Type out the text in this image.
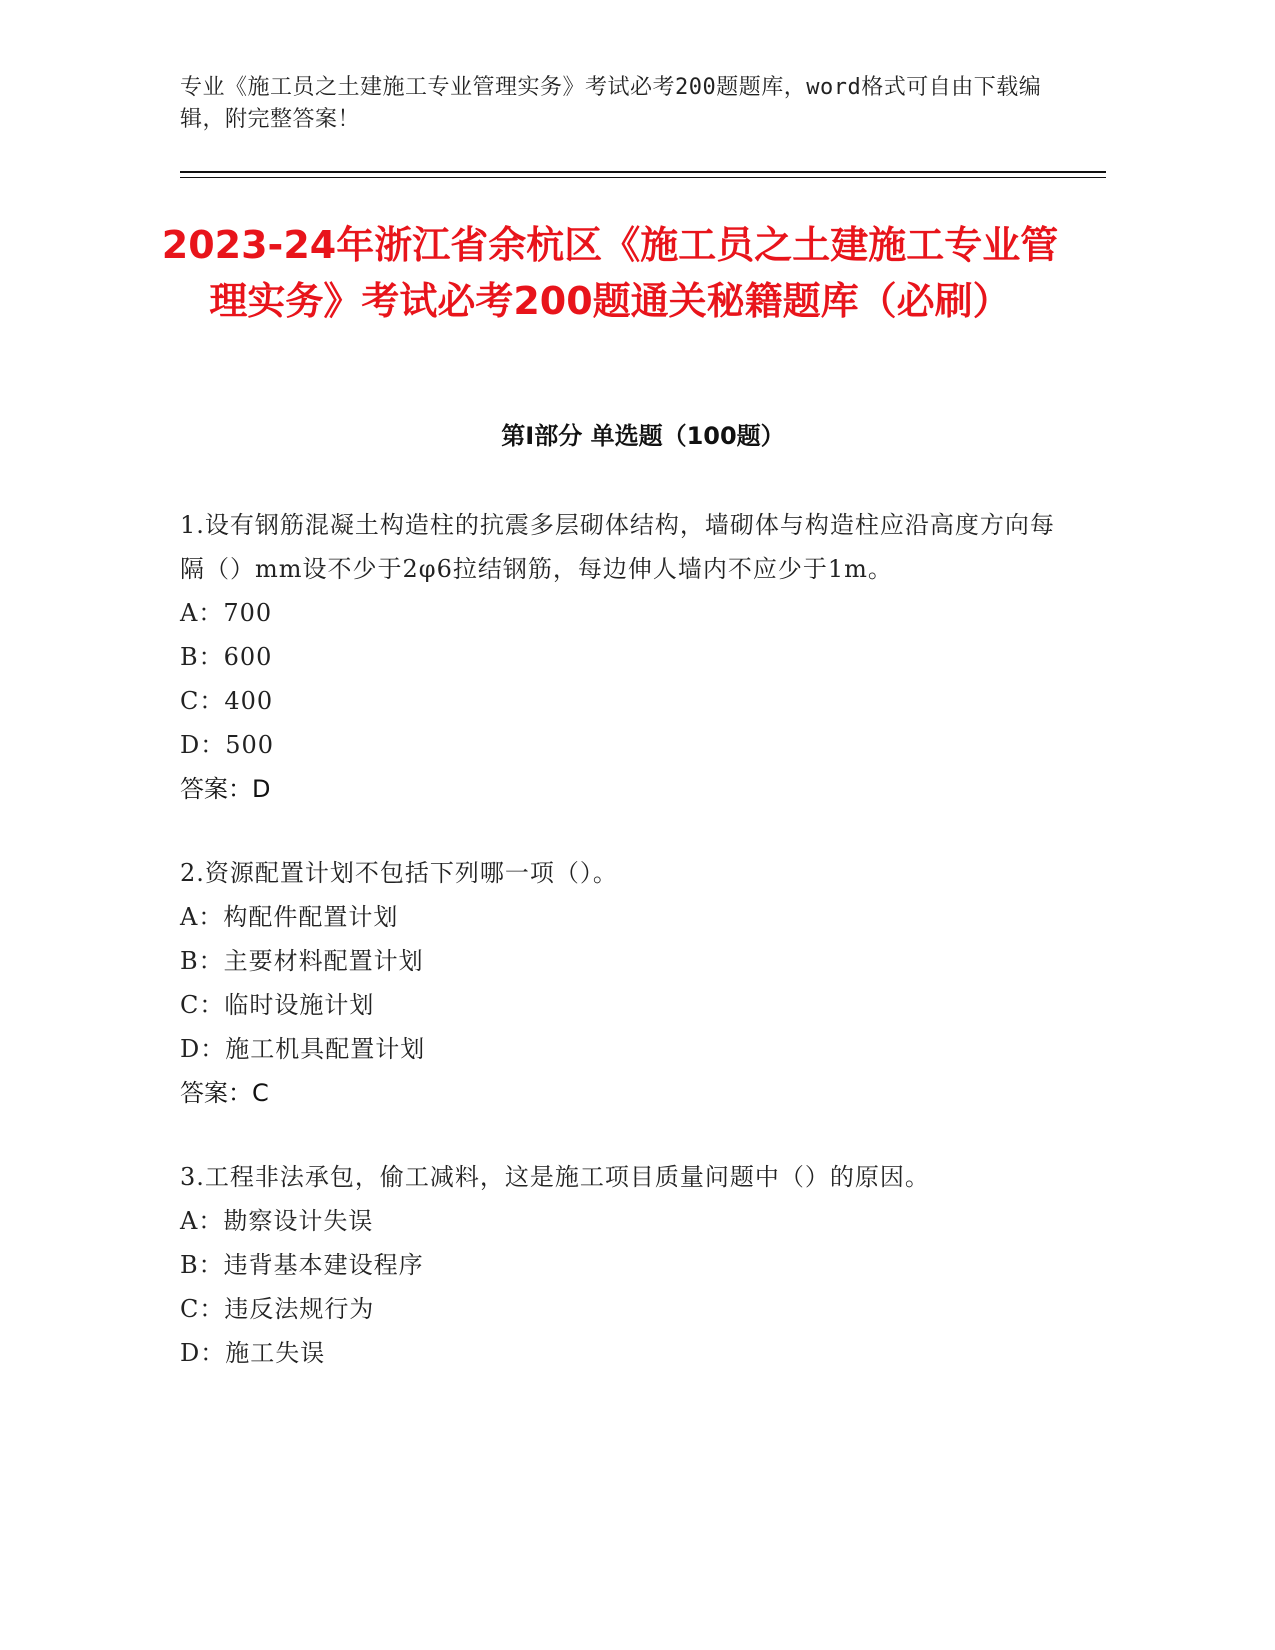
专业《施工员之土建施工专业管理实务》考试必考200题题库，word格式可自由下载编辑，附完整答案！
2023-24年浙江省余杭区《施工员之土建施工专业管理实务》考试必考200题通关秘籍题库（必刷）
第Ⅰ部分 单选题（100题）
1.设有钢筋混凝土构造柱的抗震多层砌体结构，墙砌体与构造柱应沿高度方向每隔（）mm设不少于2φ6拉结钢筋，每边伸人墙内不应少于1m。
A：700
B：600
C：400
D：500
答案：D
2.资源配置计划不包括下列哪一项（）。
A：构配件配置计划
B：主要材料配置计划
C：临时设施计划
D：施工机具配置计划
答案：C
3.工程非法承包，偷工减料，这是施工项目质量问题中（）的原因。
A：勘察设计失误
B：违背基本建设程序
C：违反法规行为
D：施工失误
